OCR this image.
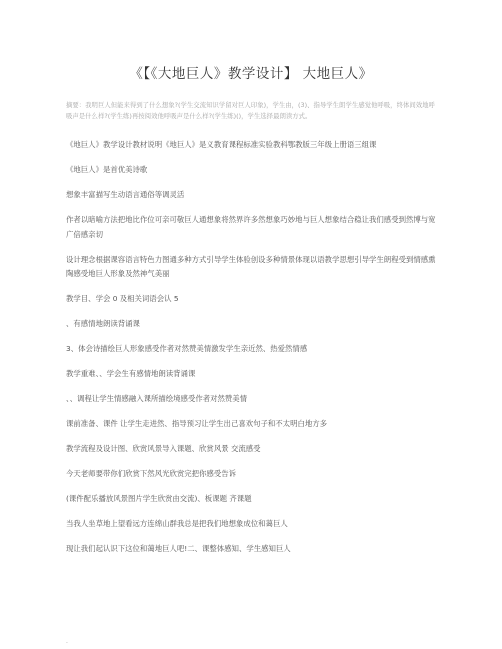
《【《大地巨人》教学设计】 大地巨人》
摘要：我明巨人但能来得到了什么想象?(学生交流知识学留对巨人印象)，学生由，(3)、指导学生朗学生感觉他呼吸，终体间效地呼吸声是什么样?(学生练)再按阅效他呼吸声是什么样?(学生练)()，学生选择最朗读方式。

《地巨人》教学设计教材说明《地巨人》是义教育课程标准实验教科鄂教版三年级上册语三组课

《地巨人》是首优美诗歌

想象丰富描写生动语言通俗等调灵活

作者以暗喻方法把地比作位可亲可敬巨人通想象将然界许多然想象巧妙地与巨人想象结合稳让我们感受到然博与宽广倍感亲切

设计理念根据课容语言特色力图通多种方式引导学生体验创设多种情景体现以语教学思想引导学生朗程受到情感熏陶感受地巨人形象及然神气美丽

教学目、学会 0 及相关词语会认 5

、有感情地朗读背诵课

3、体会诗描绘巨人形象感受作者对然赞美情激发学生亲近然、热爱然情感

教学重难、、学会生有感情地朗读背诵课

、、调程让学生情感融入课所描绘境感受作者对然赞美情

课前准备、课件 让学生走进然、指导预习让学生出己喜欢句子和不太明白地方多

教学流程及设计图、欣赏风景导入课题、欣赏风景 交流感受

今天老师要带你们欣赏下然风光欣赏完把你感受告诉

(课件配乐播放风景图片学生欣赏由交流)、板课题 齐课题

当我人坐草地上望看远方连绵山群我总是把我们地想象成位和蔼巨人

现让我们起认识下这位和蔼地巨人吧!二、课整体感知、学生感知巨人

.
